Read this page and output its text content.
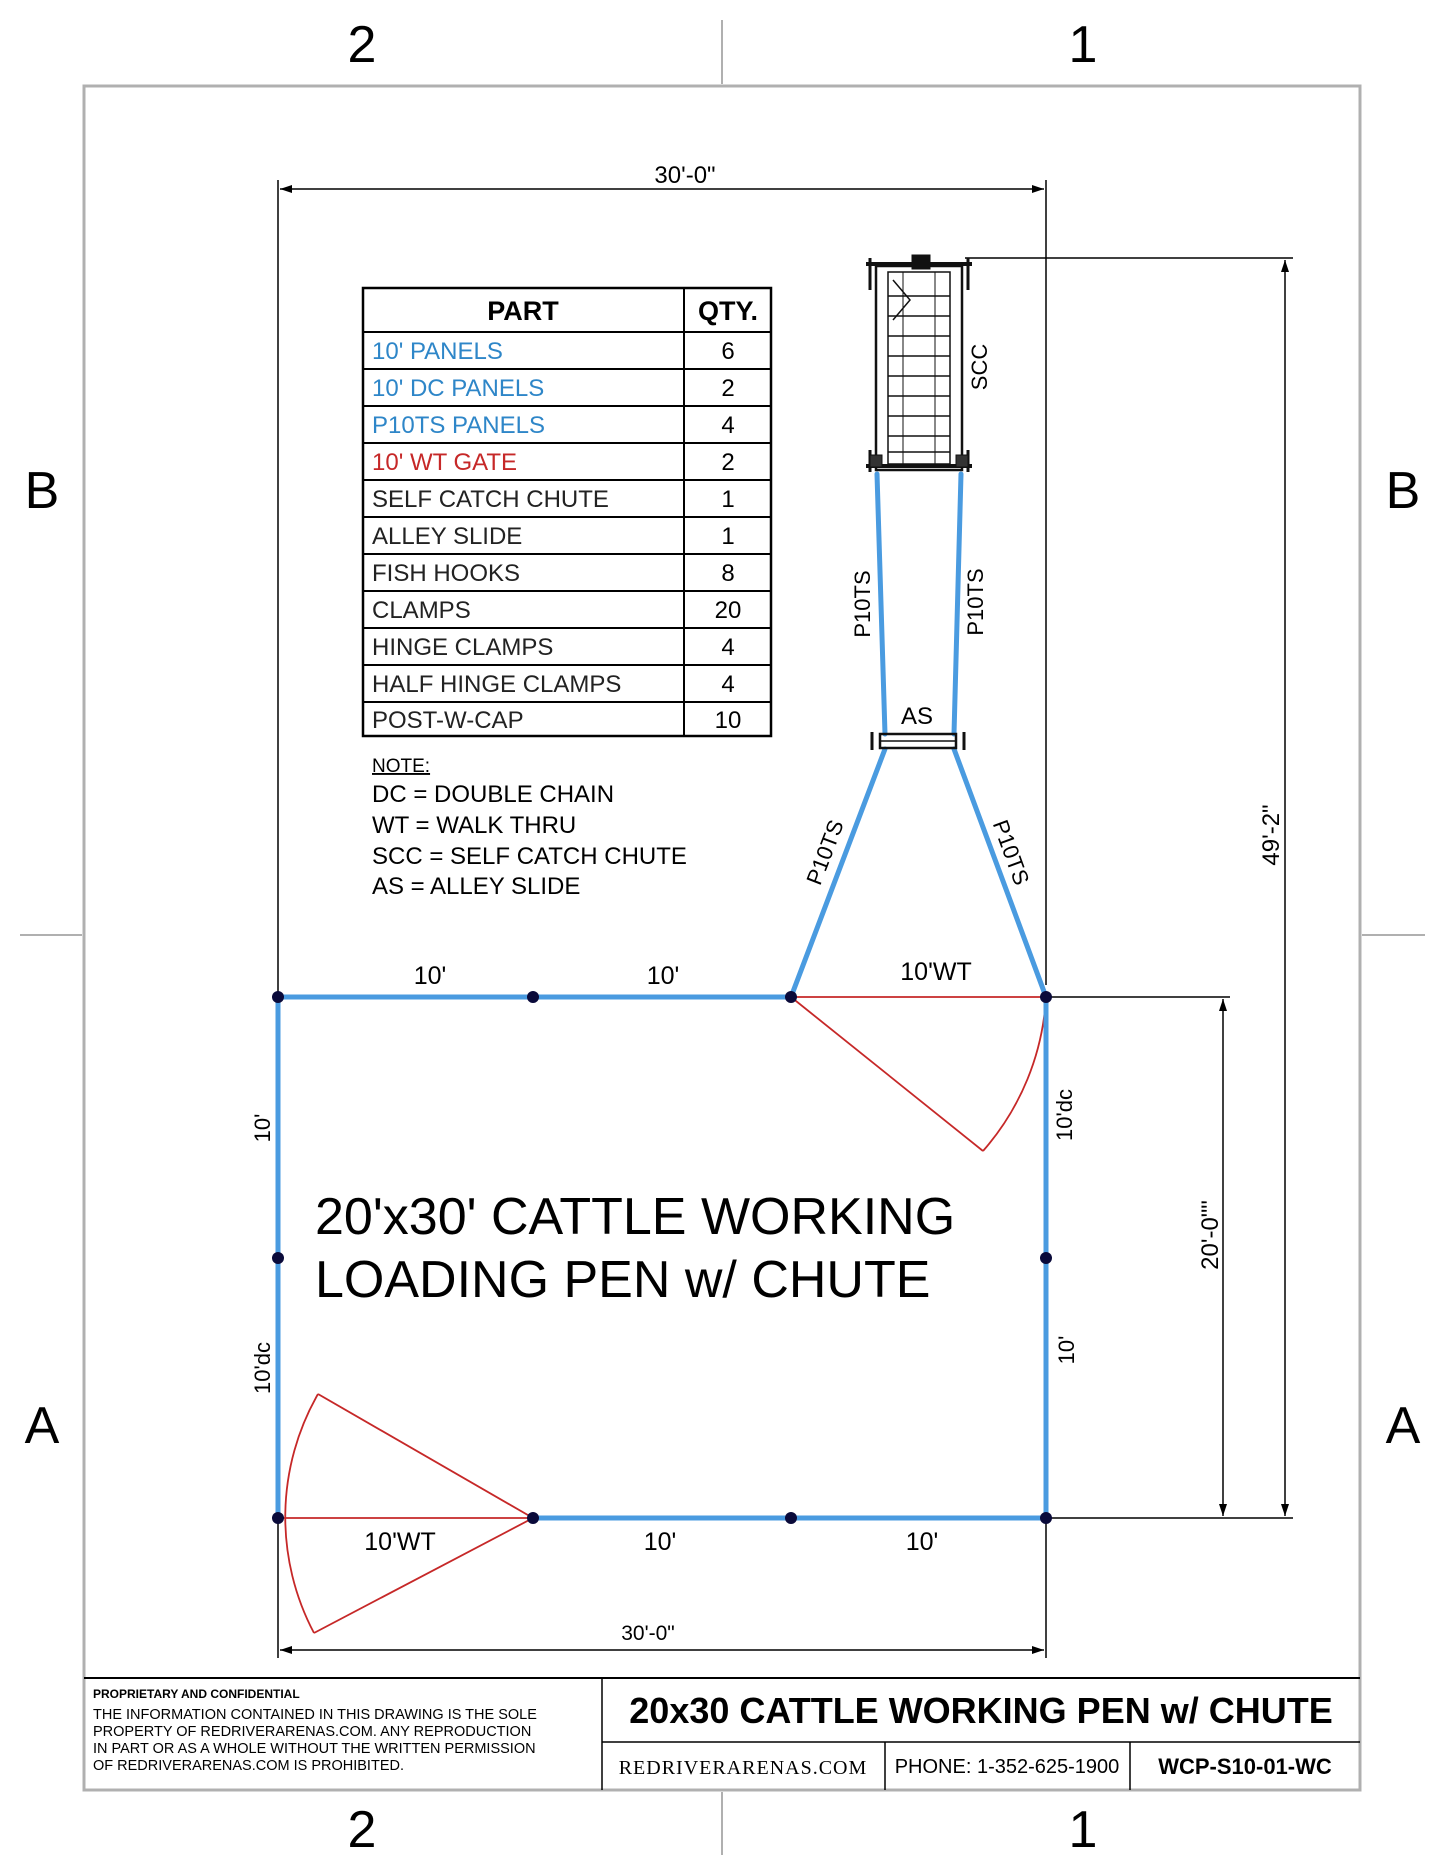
2	1
2	1
B
A
B
A
PART	QTY.
10' PANELS	6
10' DC PANELS	2
P10TS PANELS	4
10' WT GATE	2
SELF CATCH CHUTE	1
ALLEY SLIDE	1
FISH HOOKS	8
CLAMPS	20
HINGE CLAMPS	4
HALF HINGE CLAMPS	4
POST-W-CAP	10
NOTE:
DC = DOUBLE CHAIN
WT = WALK THRU
SCC = SELF CATCH CHUTE
AS = ALLEY SLIDE
30'-0"
49'-2"
20'-0""
30'-0"
10'	10'	10'WT
10'WT	10'	10'
10'
10'dc
10'dc
10'
SCC
AS
P10TS	P10TS
P10TS	P10TS
20'x30' CATTLE WORKING
LOADING PEN w/ CHUTE
PROPRIETARY AND CONFIDENTIAL
THE INFORMATION CONTAINED IN THIS DRAWING IS THE SOLE
PROPERTY OF REDRIVERARENAS.COM. ANY REPRODUCTION
IN PART OR AS A WHOLE WITHOUT THE WRITTEN PERMISSION
OF REDRIVERARENAS.COM IS PROHIBITED.
20x30 CATTLE WORKING PEN w/ CHUTE
REDRIVERARENAS.COM PHONE: 1-352-625-1900 WCP-S10-01-WC
